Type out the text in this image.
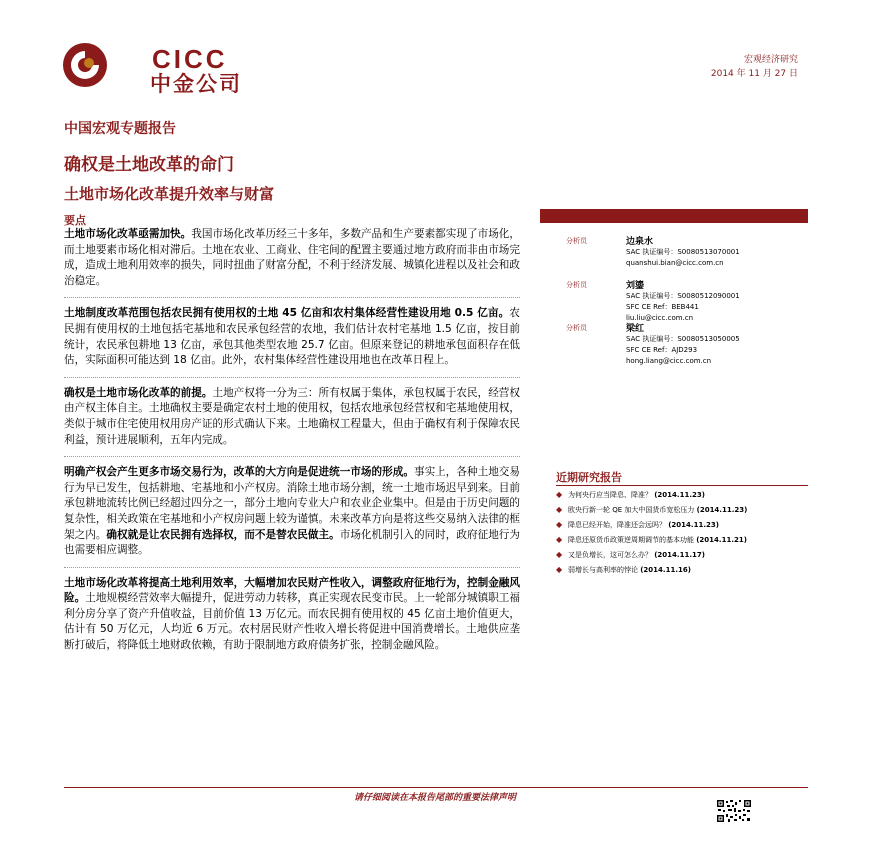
CICC
中金公司
宏观经济研究
2014 年 11 月 27 日
中国宏观专题报告
确权是土地改革的命门
土地市场化改革提升效率与财富
要点
土地市场化改革亟需加快。我国市场化改革历经三十多年，多数产品和生产要素都实现了市场化，而土地要素市场化相对滞后。土地在农业、工商业、住宅间的配置主要通过地方政府而非由市场完成，造成土地利用效率的损失，同时扭曲了财富分配，不利于经济发展、城镇化进程以及社会和政治稳定。
土地制度改革范围包括农民拥有使用权的土地 45 亿亩和农村集体经营性建设用地 0.5 亿亩。农民拥有使用权的土地包括宅基地和农民承包经营的农地，我们估计农村宅基地 1.5 亿亩，按目前统计，农民承包耕地 13 亿亩，承包其他类型农地 25.7 亿亩。但原来登记的耕地承包面积存在低估，实际面积可能达到 18 亿亩。此外，农村集体经营性建设用地也在改革日程上。
确权是土地市场化改革的前提。土地产权将一分为三：所有权属于集体，承包权属于农民，经营权由产权主体自主。土地确权主要是确定农村土地的使用权，包括农地承包经营权和宅基地使用权，类似于城市住宅使用权用房产证的形式确认下来。土地确权工程量大，但由于确权有利于保障农民利益，预计进展顺利，五年内完成。
明确产权会产生更多市场交易行为，改革的大方向是促进统一市场的形成。事实上，各种土地交易行为早已发生，包括耕地、宅基地和小产权房。消除土地市场分割，统一土地市场迟早到来。目前承包耕地流转比例已经超过四分之一，部分土地向专业大户和农业企业集中。但是由于历史问题的复杂性，相关政策在宅基地和小产权房问题上较为谨慎。未来改革方向是将这些交易纳入法律的框架之内。确权就是让农民拥有选择权，而不是替农民做主。市场化机制引入的同时，政府征地行为也需要相应调整。
土地市场化改革将提高土地利用效率，大幅增加农民财产性收入，调整政府征地行为，控制金融风险。土地规模经营效率大幅提升，促进劳动力转移，真正实现农民变市民。上一轮部分城镇职工福利分房分享了资产升值收益，目前价值 13 万亿元。而农民拥有使用权的 45 亿亩土地价值更大，估计有 50 万亿元，人均近 6 万元。农村居民财产性收入增长将促进中国消费增长。土地供应垄断打破后，将降低土地财政依赖，有助于限制地方政府债务扩张，控制金融风险。
分析员	边泉水
SAC 执证编号：S0080513070001
quanshui.bian@cicc.com.cn
分析员	刘鎏
SAC 执证编号：S0080512090001
SFC CE Ref：BEB441
liu.liu@cicc.com.cn
分析员	梁红
SAC 执证编号：S0080513050005
SFC CE Ref：AJD293
hong.liang@cicc.com.cn
近期研究报告
◆ 为何央行应当降息、降准？ (2014.11.23)
◆ 欧央行新一轮 QE 加大中国货币宽松压力 (2014.11.23)
◆ 降息已经开始，降准还会远吗？ (2014.11.23)
◆ 降息还原货币政策逆周期调节的基本功能 (2014.11.21)
◆ 又是负增长，这可怎么办？ (2014.11.17)
◆ 弱增长与高利率的悖论 (2014.11.16)
请仔细阅读在本报告尾部的重要法律声明
